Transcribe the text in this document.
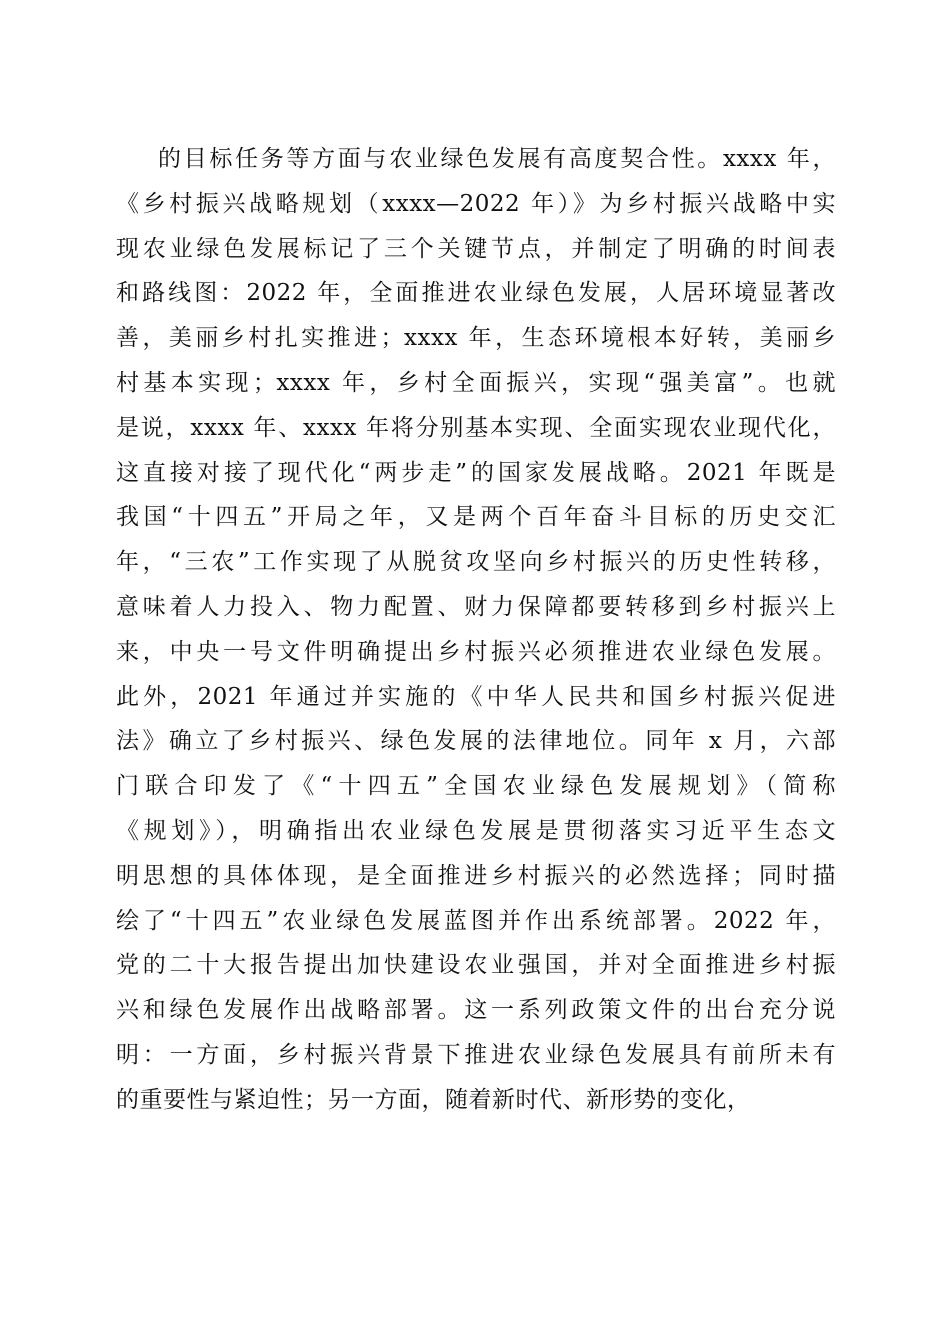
的目标任务等方面与农业绿色发展有高度契合性。xxxx 年，
《乡村振兴战略规划（xxxx—2022 年）》为乡村振兴战略中实
现农业绿色发展标记了三个关键节点，并制定了明确的时间表
和路线图：2022 年，全面推进农业绿色发展，人居环境显著改
善，美丽乡村扎实推进；xxxx 年，生态环境根本好转，美丽乡
村基本实现；xxxx 年，乡村全面振兴，实现“强美富”。也就
是说，xxxx 年、xxxx 年将分别基本实现、全面实现农业现代化，
这直接对接了现代化“两步走”的国家发展战略。2021 年既是
我国“十四五”开局之年，又是两个百年奋斗目标的历史交汇
年，“三农”工作实现了从脱贫攻坚向乡村振兴的历史性转移，
意味着人力投入、物力配置、财力保障都要转移到乡村振兴上
来，中央一号文件明确提出乡村振兴必须推进农业绿色发展。
此外，2021 年通过并实施的《中华人民共和国乡村振兴促进
法》确立了乡村振兴、绿色发展的法律地位。同年 x 月，六部
门联合印发了《“十四五”全国农业绿色发展规划》（简称
《规划》），明确指出农业绿色发展是贯彻落实习近平生态文
明思想的具体体现，是全面推进乡村振兴的必然选择；同时描
绘了“十四五”农业绿色发展蓝图并作出系统部署。2022 年，
党的二十大报告提出加快建设农业强国，并对全面推进乡村振
兴和绿色发展作出战略部署。这一系列政策文件的出台充分说
明：一方面，乡村振兴背景下推进农业绿色发展具有前所未有
的重要性与紧迫性；另一方面，随着新时代、新形势的变化，
